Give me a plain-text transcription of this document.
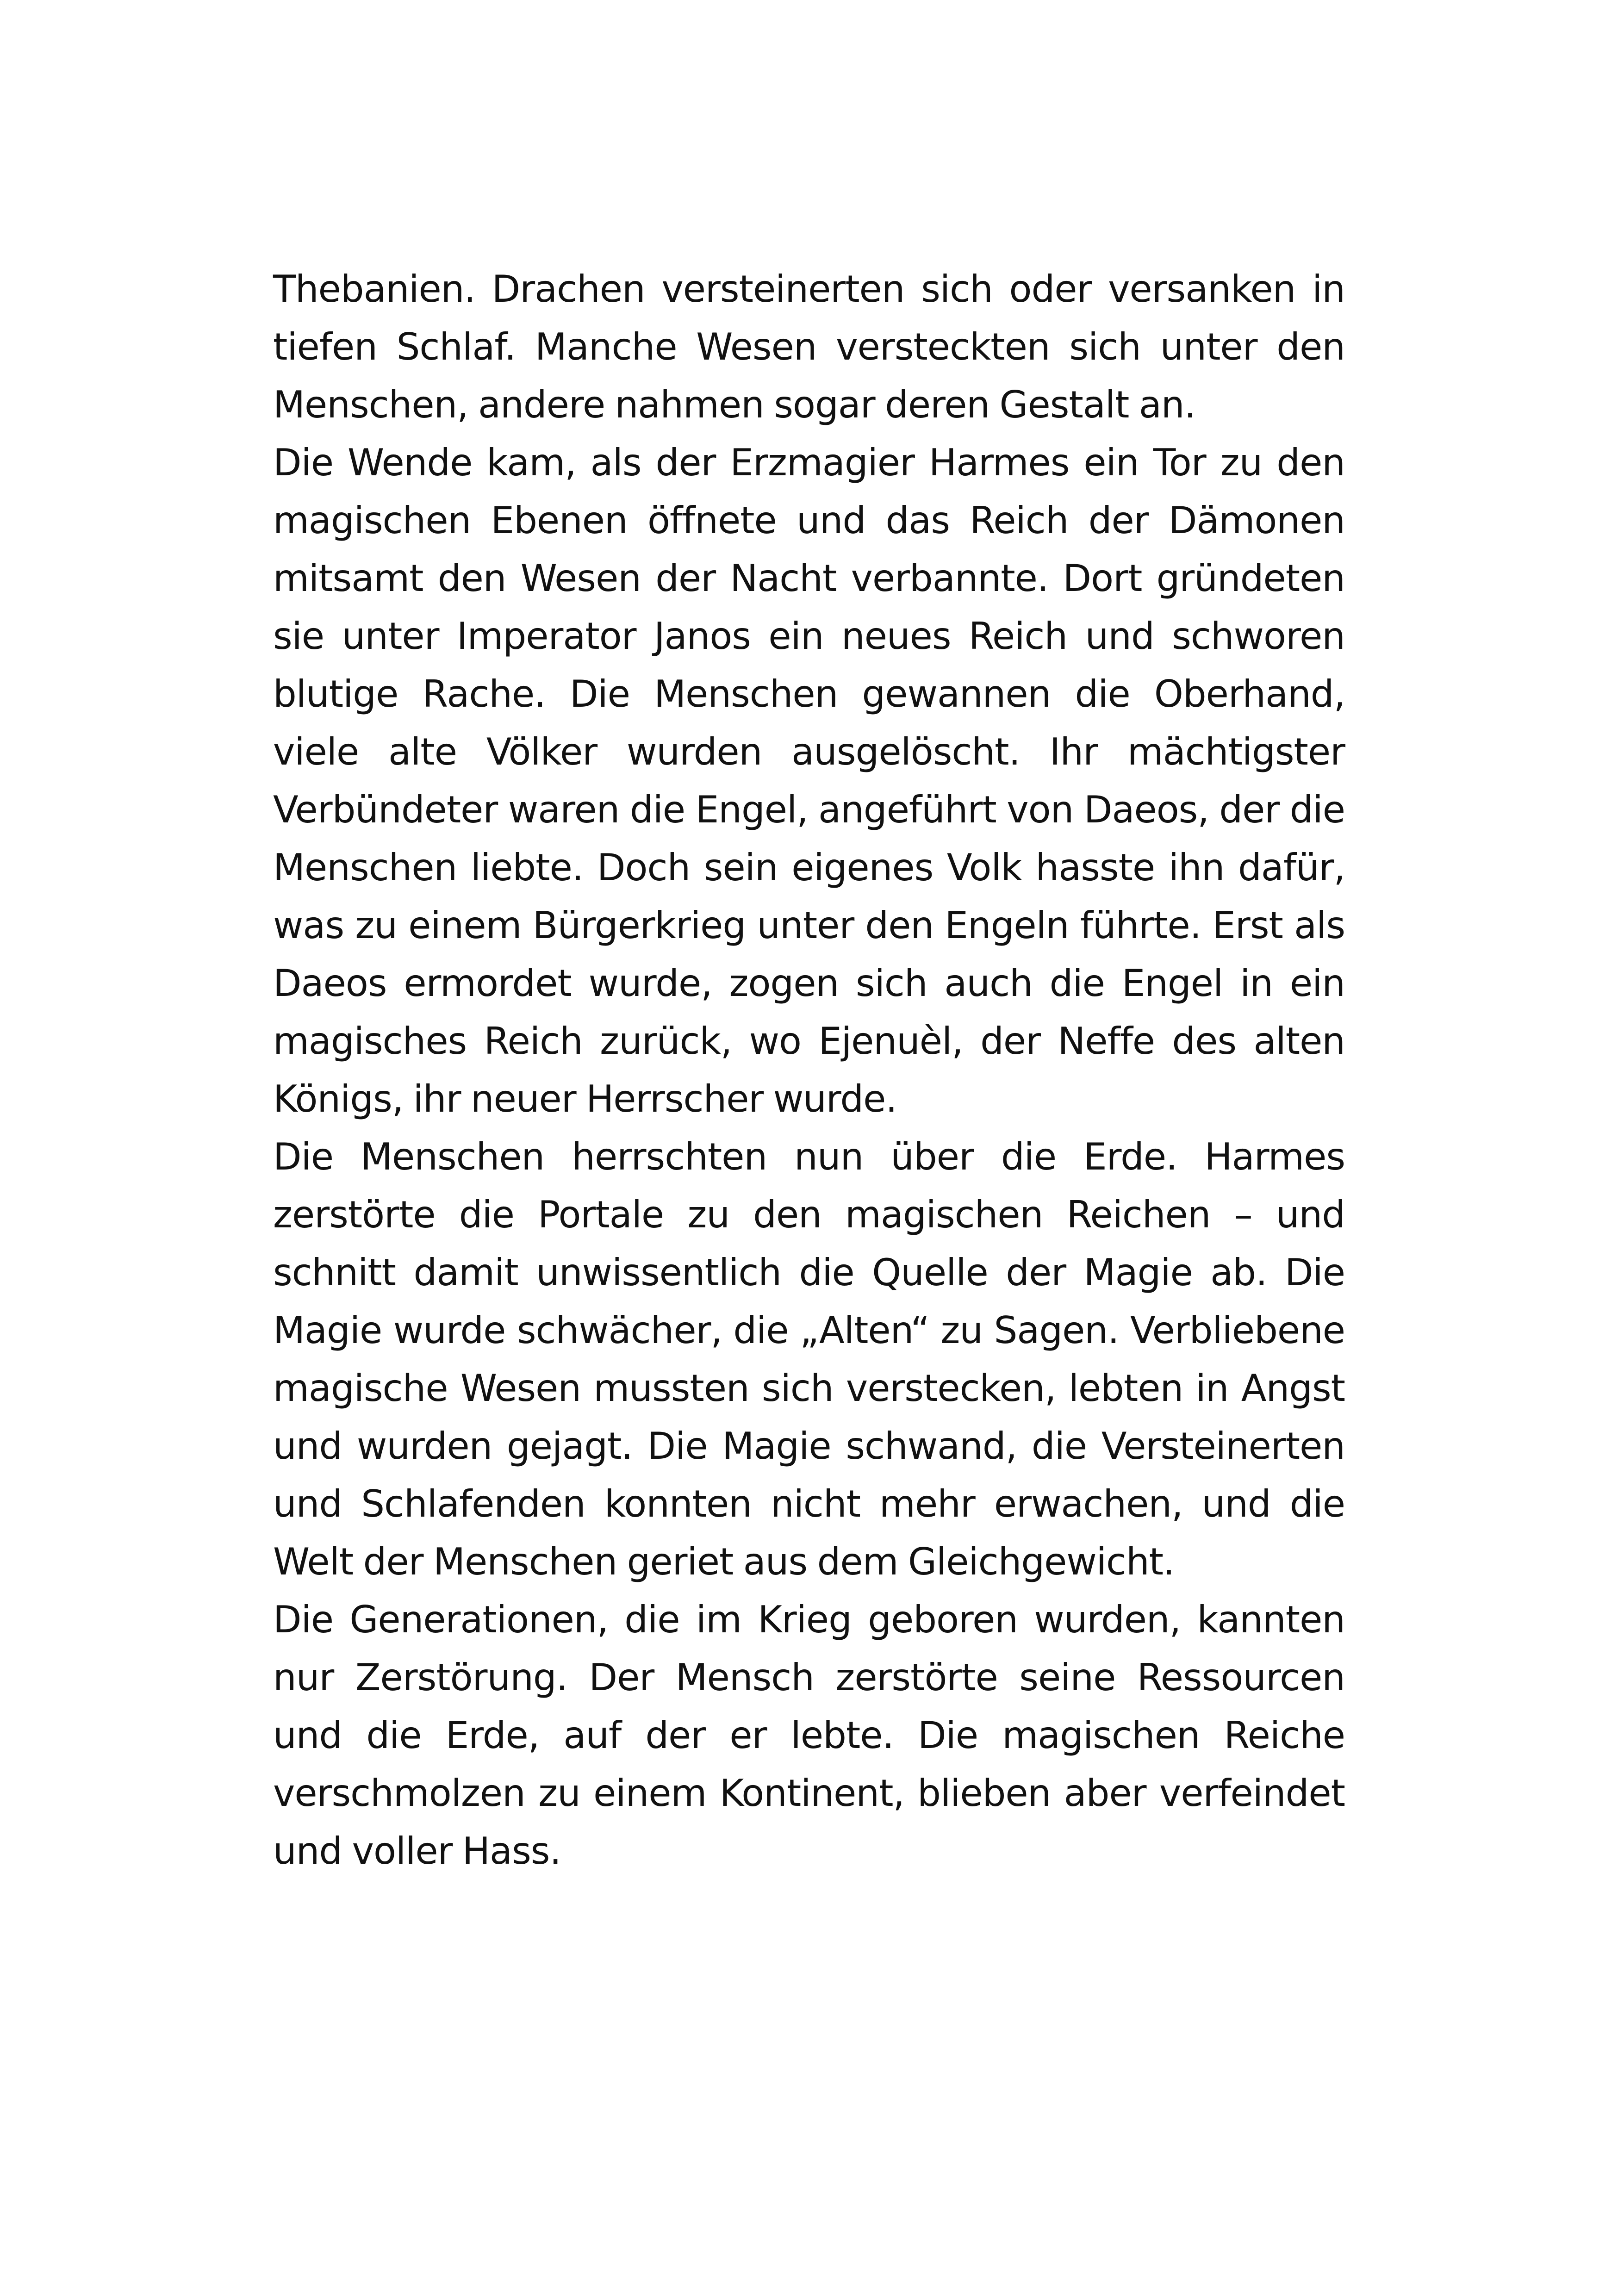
Thebanien. Drachen versteinerten sich oder versanken in tiefen Schlaf. Manche Wesen versteckten sich unter den Menschen, andere nahmen sogar deren Gestalt an.

Die Wende kam, als der Erzmagier Harmes ein Tor zu den magischen Ebenen öffnete und das Reich der Dämonen mitsamt den Wesen der Nacht verbannte. Dort gründeten sie unter Imperator Janos ein neues Reich und schworen blutige Rache. Die Menschen gewannen die Oberhand, viele alte Völker wurden ausgelöscht. Ihr mächtigster Verbündeter waren die Engel, angeführt von Daeos, der die Menschen liebte. Doch sein eigenes Volk hasste ihn dafür, was zu einem Bürgerkrieg unter den Engeln führte. Erst als Daeos ermordet wurde, zogen sich auch die Engel in ein magisches Reich zurück, wo Ejenuèl, der Neffe des alten Königs, ihr neuer Herrscher wurde.

Die Menschen herrschten nun über die Erde. Harmes zerstörte die Portale zu den magischen Reichen – und schnitt damit unwissentlich die Quelle der Magie ab. Die Magie wurde schwächer, die „Alten“ zu Sagen. Verbliebene magische Wesen mussten sich verstecken, lebten in Angst und wurden gejagt. Die Magie schwand, die Versteinerten und Schlafenden konnten nicht mehr erwachen, und die Welt der Menschen geriet aus dem Gleichgewicht.

Die Generationen, die im Krieg geboren wurden, kannten nur Zerstörung. Der Mensch zerstörte seine Ressourcen und die Erde, auf der er lebte. Die magischen Reiche verschmolzen zu einem Kontinent, blieben aber verfeindet und voller Hass.
